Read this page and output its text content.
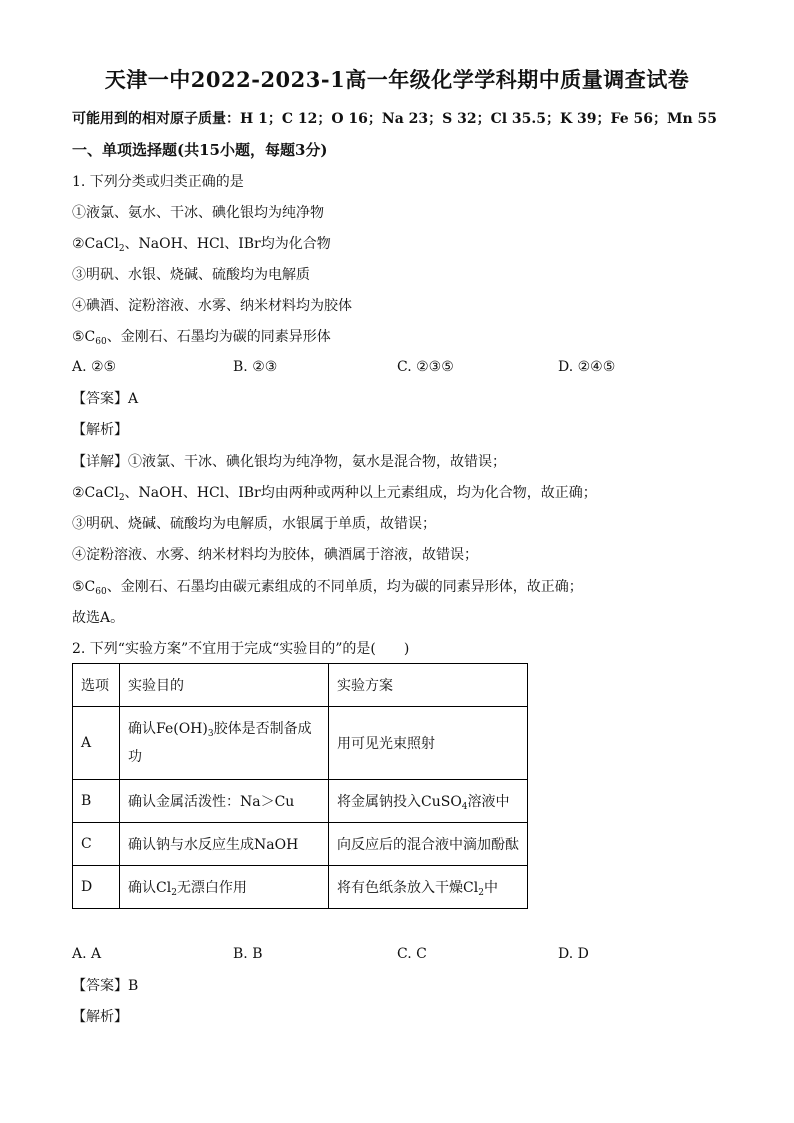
天津一中2022-2023-1高一年级化学学科期中质量调查试卷
可能用到的相对原子质量：H 1；C 12；O 16；Na 23；S 32；Cl 35.5；K 39；Fe 56；Mn 55
一、单项选择题(共15小题，每题3分)
1. 下列分类或归类正确的是
①液氯、氨水、干冰、碘化银均为纯净物
②CaCl$_2$、NaOH、HCl、IBr均为化合物
③明矾、水银、烧碱、硫酸均为电解质
④碘酒、淀粉溶液、水雾、纳米材料均为胶体
$⑤C_{60}$、金刚石、石墨均为碳的同素异形体
A. ②⑤	B. ②③	C. ②③⑤	D. ②④⑤
【答案】A
【解析】
【详解】①液氯、干冰、碘化银均为纯净物，氨水是混合物，故错误；
②CaCl$_2$、NaOH、HCl、IBr均由两种或两种以上元素组成，均为化合物，故正确；
③明矾、烧碱、硫酸均为电解质，水银属于单质，故错误；
④淀粉溶液、水雾、纳米材料均为胶体，碘酒属于溶液，故错误；
$⑤C_{60}$、金刚石、石墨均由碳元素组成的不同单质，均为碳的同素异形体，故正确；
故选A。
2. 下列“实验方案”不宜用于完成“实验目的”的是(　　)
选项	实验目的	实验方案
A	确认$Fe(OH)_3$胶体是否制备成功	用可见光束照射
B	确认金属活泼性：Na＞Cu	将金属钠投入CuSO$_4$溶液中
C	确认钠与水反应生成NaOH	向反应后的混合液中滴加酚酞
D	确认$Cl_2$无漂白作用	将有色纸条放入干燥$Cl_2$中
A. A	B. B	C. C	D. D
【答案】B
【解析】
